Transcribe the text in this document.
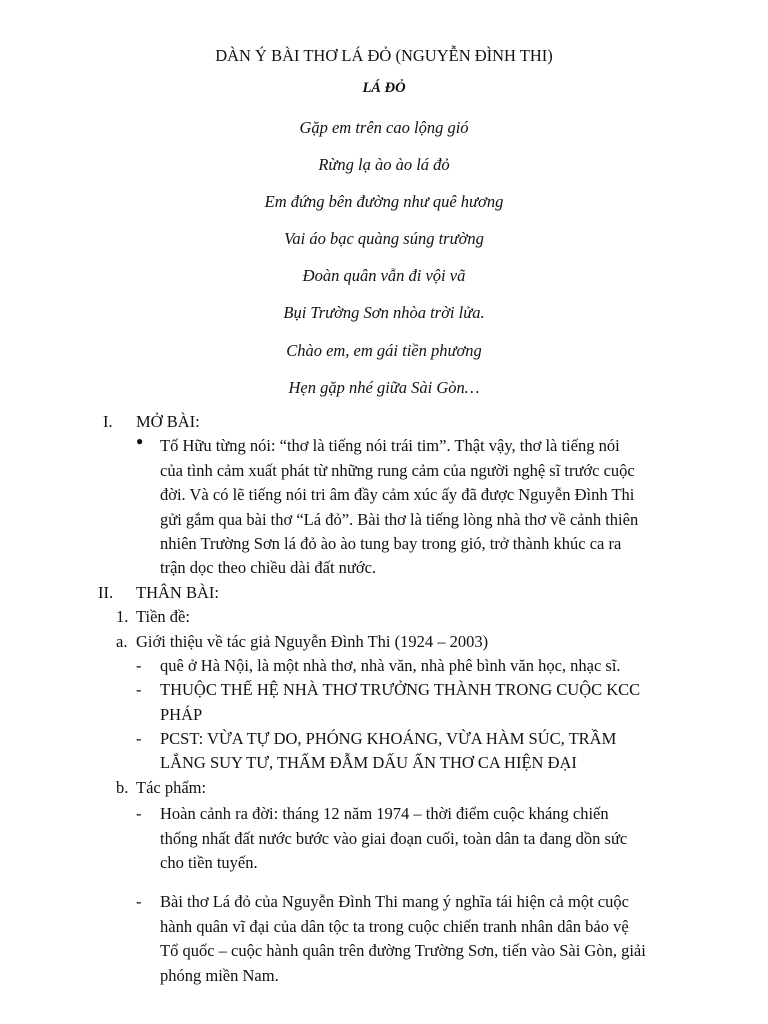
DÀN Ý BÀI THƠ LÁ ĐỎ (NGUYỄN ĐÌNH THI)
LÁ ĐỎ
Gặp em trên cao lộng gió
Rừng lạ ào ào lá đỏ
Em đứng bên đường như quê hương
Vai áo bạc quàng súng trường
Đoàn quân vẫn đi vội vã
Bụi Trường Sơn nhòa trời lửa.
Chào em, em gái tiền phương
Hẹn gặp nhé giữa Sài Gòn…
I. MỞ BÀI:
● Tố Hữu từng nói: “thơ là tiếng nói trái tim”. Thật vậy, thơ là tiếng nói
của tình cảm xuất phát từ những rung cảm của người nghệ sĩ trước cuộc
đời. Và có lẽ tiếng nói tri âm đầy cảm xúc ấy đã được Nguyễn Đình Thi
gửi gắm qua bài thơ “Lá đỏ”. Bài thơ là tiếng lòng nhà thơ về cảnh thiên
nhiên Trường Sơn lá đỏ ào ào tung bay trong gió, trở thành khúc ca ra
trận dọc theo chiều dài đất nước.
II. THÂN BÀI:
1. Tiền đề:
a. Giới thiệu về tác giả Nguyễn Đình Thi (1924 – 2003)
- quê ở Hà Nội, là một nhà thơ, nhà văn, nhà phê bình văn học, nhạc sĩ.
- THUỘC THẾ HỆ NHÀ THƠ TRƯỞNG THÀNH TRONG CUỘC KCC
PHÁP
- PCST: VỪA TỰ DO, PHÓNG KHOÁNG, VỪA HÀM SÚC, TRẦM
LẮNG SUY TƯ, THẤM ĐẪM DẤU ẤN THƠ CA HIỆN ĐẠI
b. Tác phẩm:
- Hoàn cảnh ra đời: tháng 12 năm 1974 – thời điểm cuộc kháng chiến
thống nhất đất nước bước vào giai đoạn cuối, toàn dân ta đang dồn sức
cho tiền tuyến.
- Bài thơ Lá đỏ của Nguyễn Đình Thi mang ý nghĩa tái hiện cả một cuộc
hành quân vĩ đại của dân tộc ta trong cuộc chiến tranh nhân dân bảo vệ
Tổ quốc – cuộc hành quân trên đường Trường Sơn, tiến vào Sài Gòn, giải
phóng miền Nam.
